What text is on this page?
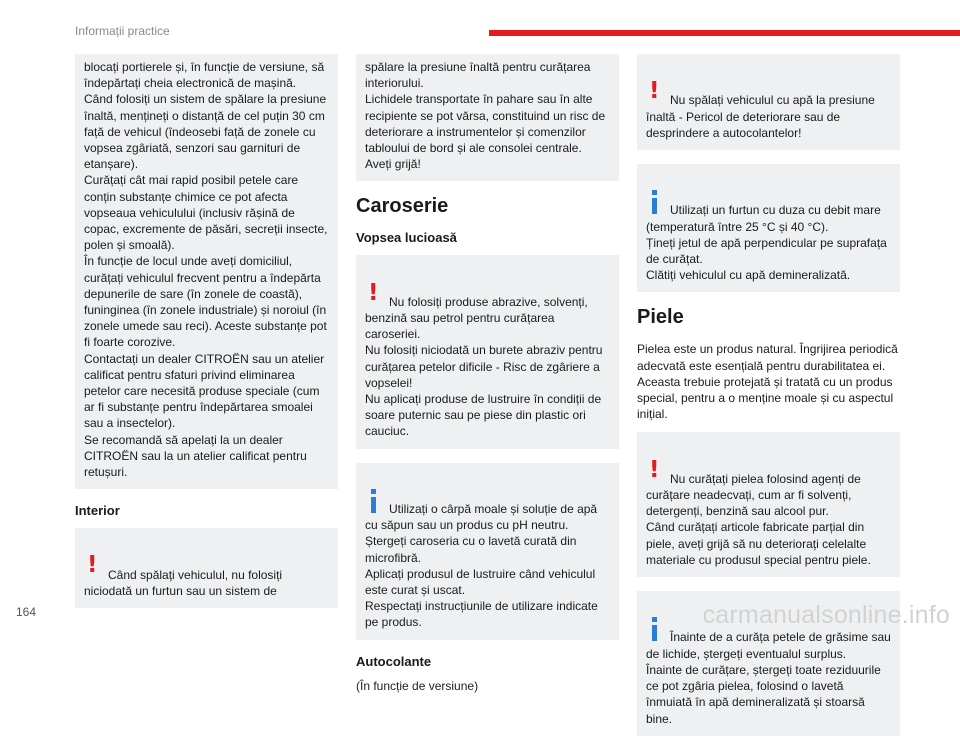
Informații practice
blocați portierele și, în funcție de versiune, să îndepărtați cheia electronică de mașină.
Când folosiți un sistem de spălare la presiune înaltă, mențineți o distanță de cel puțin 30 cm față de vehicul (îndeosebi față de zonele cu vopsea zgâriată, senzori sau garnituri de etanșare).
Curățați cât mai rapid posibil petele care conțin substanțe chimice ce pot afecta vopseaua vehiculului (inclusiv rășină de copac, excremente de păsări, secreții insecte, polen și smoală).
În funcție de locul unde aveți domiciliul, curățați vehiculul frecvent pentru a îndepărta depunerile de sare (în zonele de coastă), funinginea (în zonele industriale) și noroiul (în zonele umede sau reci). Aceste substanțe pot fi foarte corozive.
Contactați un dealer CITROËN sau un atelier calificat pentru sfaturi privind eliminarea petelor care necesită produse speciale (cum ar fi substanțe pentru îndepărtarea smoalei sau a insectelor).
Se recomandă să apelați la un dealer CITROËN sau la un atelier calificat pentru retușuri.
Interior

! Când spălați vehiculul, nu folosiți niciodată un furtun sau un sistem de

spălare la presiune înaltă pentru curățarea interiorului.
Lichidele transportate în pahare sau în alte recipiente se pot vărsa, constituind un risc de deteriorare a instrumentelor și comenzilor tabloului de bord și ale consolei centrale.
Aveți grijă!
Caroserie
Vopsea lucioasă

! Nu folosiți produse abrazive, solvenți, benzină sau petrol pentru curățarea caroseriei.
Nu folosiți niciodată un burete abraziv pentru curățarea petelor dificile - Risc de zgâriere a vopselei!
Nu aplicați produse de lustruire în condiții de soare puternic sau pe piese din plastic ori cauciuc.

Utilizați o cârpă moale și soluție de apă cu săpun sau un produs cu pH neutru.
Ștergeți caroseria cu o lavetă curată din microfibră.
Aplicați produsul de lustruire când vehiculul este curat și uscat.
Respectați instrucțiunile de utilizare indicate pe produs.

Autocolante
(În funcție de versiune)

! Nu spălați vehiculul cu apă la presiune înaltă - Pericol de deteriorare sau de desprindere a autocolantelor!

Utilizați un furtun cu duza cu debit mare (temperatură între 25 °C și 40 °C).
Țineți jetul de apă perpendicular pe suprafața de curățat.
Clătiți vehiculul cu apă demineralizată.

Piele
Pielea este un produs natural. Îngrijirea periodică adecvată este esențială pentru durabilitatea ei.
Aceasta trebuie protejată și tratată cu un produs special, pentru a o menține moale și cu aspectul inițial.

! Nu curățați pielea folosind agenți de curățare neadecvați, cum ar fi solvenți, detergenți, benzină sau alcool pur.
Când curățați articole fabricate parțial din piele, aveți grijă să nu deteriorați celelalte materiale cu produsul special pentru piele.

Înainte de a curăța petele de grăsime sau de lichide, ștergeți eventualul surplus.
Înainte de curățare, ștergeți toate reziduurile ce pot zgâria pielea, folosind o lavetă înmuiată în apă demineralizată și stoarsă bine.

164	carmanualsonline.info
